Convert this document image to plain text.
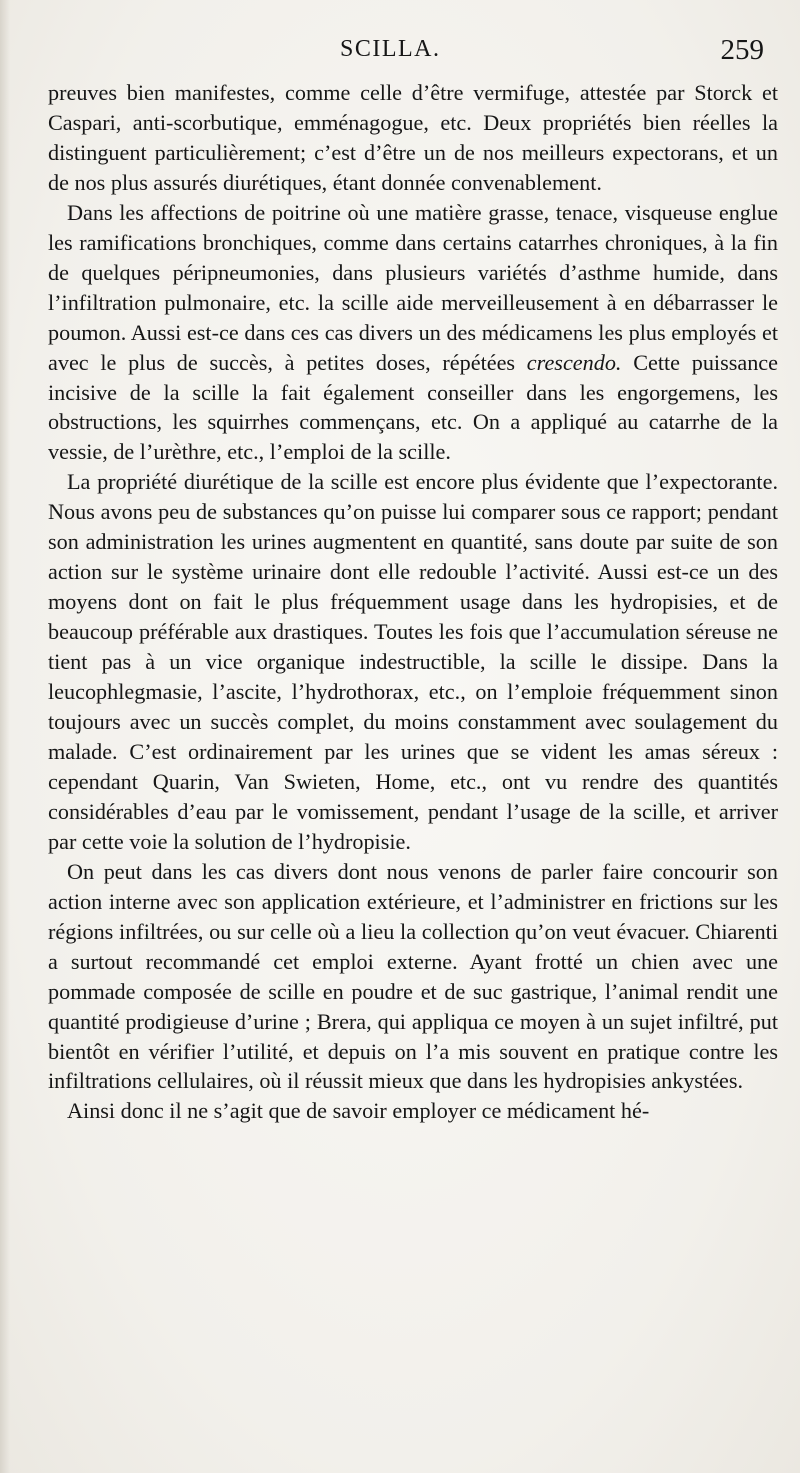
SCILLA.	259

preuves bien manifestes, comme celle d’être vermifuge, attestée par Storck et Caspari, anti-scorbutique, emménagogue, etc. Deux propriétés bien réelles la distinguent particulièrement; c’est d’être un de nos meilleurs expectorans, et un de nos plus assurés diurétiques, étant donnée convenablement.

Dans les affections de poitrine où une matière grasse, tenace, visqueuse englue les ramifications bronchiques, comme dans certains catarrhes chroniques, à la fin de quelques péripneumonies, dans plusieurs variétés d’asthme humide, dans l’infiltration pulmonaire, etc. la scille aide merveilleusement à en débarrasser le poumon. Aussi est-ce dans ces cas divers un des médicamens les plus employés et avec le plus de succès, à petites doses, répétées crescendo. Cette puissance incisive de la scille la fait également conseiller dans les engorgemens, les obstructions, les squirrhes commençans, etc. On a appliqué au catarrhe de la vessie, de l’urèthre, etc., l’emploi de la scille.

La propriété diurétique de la scille est encore plus évidente que l’expectorante. Nous avons peu de substances qu’on puisse lui comparer sous ce rapport; pendant son administration les urines augmentent en quantité, sans doute par suite de son action sur le système urinaire dont elle redouble l’activité. Aussi est-ce un des moyens dont on fait le plus fréquemment usage dans les hydropisies, et de beaucoup préférable aux drastiques. Toutes les fois que l’accumulation séreuse ne tient pas à un vice organique indestructible, la scille le dissipe. Dans la leucophlegmasie, l’ascite, l’hydrothorax, etc., on l’emploie fréquemment sinon toujours avec un succès complet, du moins constamment avec soulagement du malade. C’est ordinairement par les urines que se vident les amas séreux : cependant Quarin, Van Swieten, Home, etc., ont vu rendre des quantités considérables d’eau par le vomissement, pendant l’usage de la scille, et arriver par cette voie la solution de l’hydropisie.

On peut dans les cas divers dont nous venons de parler faire concourir son action interne avec son application extérieure, et l’administrer en frictions sur les régions infiltrées, ou sur celle où a lieu la collection qu’on veut évacuer. Chiarenti a surtout recommandé cet emploi externe. Ayant frotté un chien avec une pommade composée de scille en poudre et de suc gastrique, l’animal rendit une quantité prodigieuse d’urine ; Brera, qui appliqua ce moyen à un sujet infiltré, put bientôt en vérifier l’utilité, et depuis on l’a mis souvent en pratique contre les infiltrations cellulaires, où il réussit mieux que dans les hydropisies ankystées.

Ainsi donc il ne s’agit que de savoir employer ce médicament hé-
